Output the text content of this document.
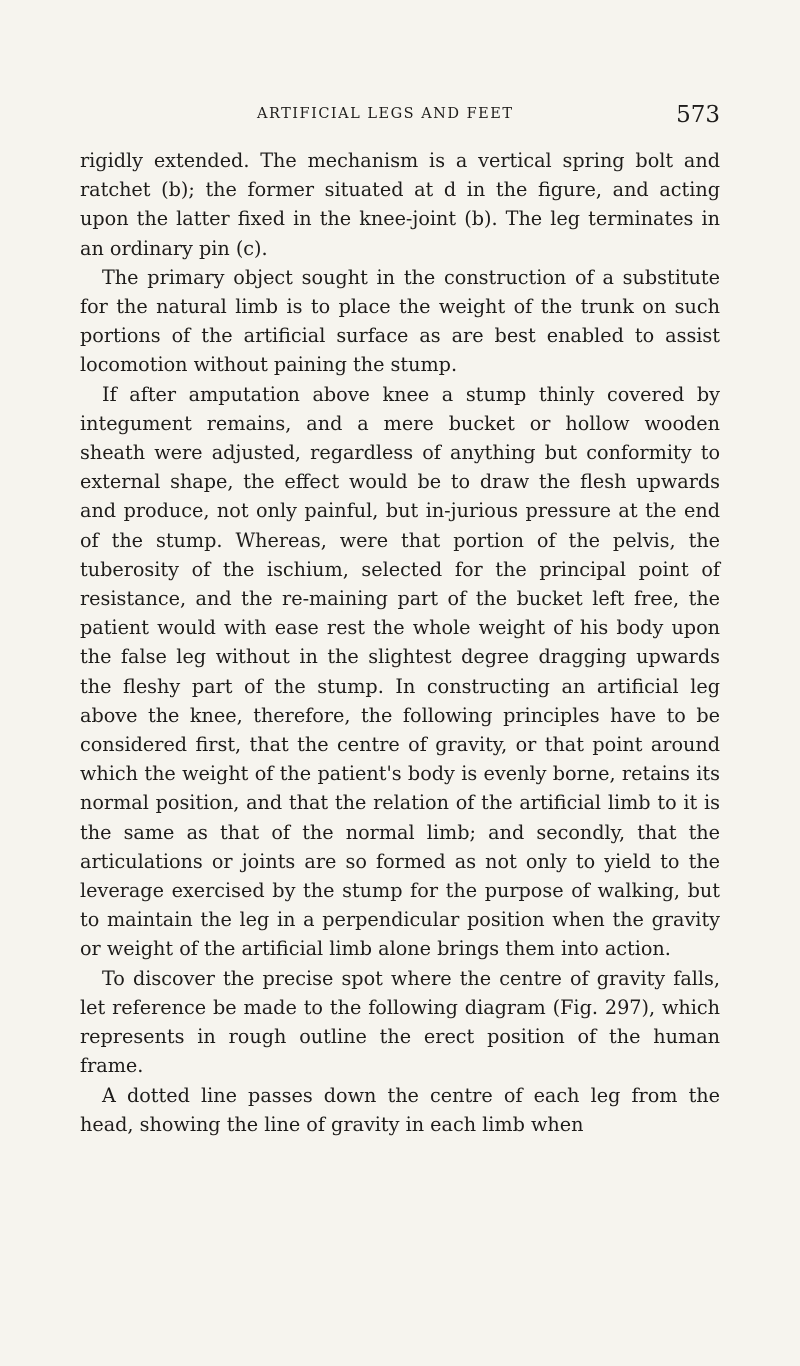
ARTIFICIAL LEGS AND FEET	573

rigidly extended. The mechanism is a vertical spring bolt and ratchet (b); the former situated at d in the figure, and acting upon the latter fixed in the knee-joint (b). The leg terminates in an ordinary pin (c).

The primary object sought in the construction of a substitute for the natural limb is to place the weight of the trunk on such portions of the artificial surface as are best enabled to assist locomotion without paining the stump.

If after amputation above knee a stump thinly covered by integument remains, and a mere bucket or hollow wooden sheath were adjusted, regardless of anything but conformity to external shape, the effect would be to draw the flesh upwards and produce, not only painful, but in-jurious pressure at the end of the stump. Whereas, were that portion of the pelvis, the tuberosity of the ischium, selected for the principal point of resistance, and the re-maining part of the bucket left free, the patient would with ease rest the whole weight of his body upon the false leg without in the slightest degree dragging upwards the fleshy part of the stump. In constructing an artificial leg above the knee, therefore, the following principles have to be considered first, that the centre of gravity, or that point around which the weight of the patient's body is evenly borne, retains its normal position, and that the relation of the artificial limb to it is the same as that of the normal limb; and secondly, that the articulations or joints are so formed as not only to yield to the leverage exercised by the stump for the purpose of walking, but to maintain the leg in a perpendicular position when the gravity or weight of the artificial limb alone brings them into action.

To discover the precise spot where the centre of gravity falls, let reference be made to the following diagram (Fig. 297), which represents in rough outline the erect position of the human frame.

A dotted line passes down the centre of each leg from the head, showing the line of gravity in each limb when
